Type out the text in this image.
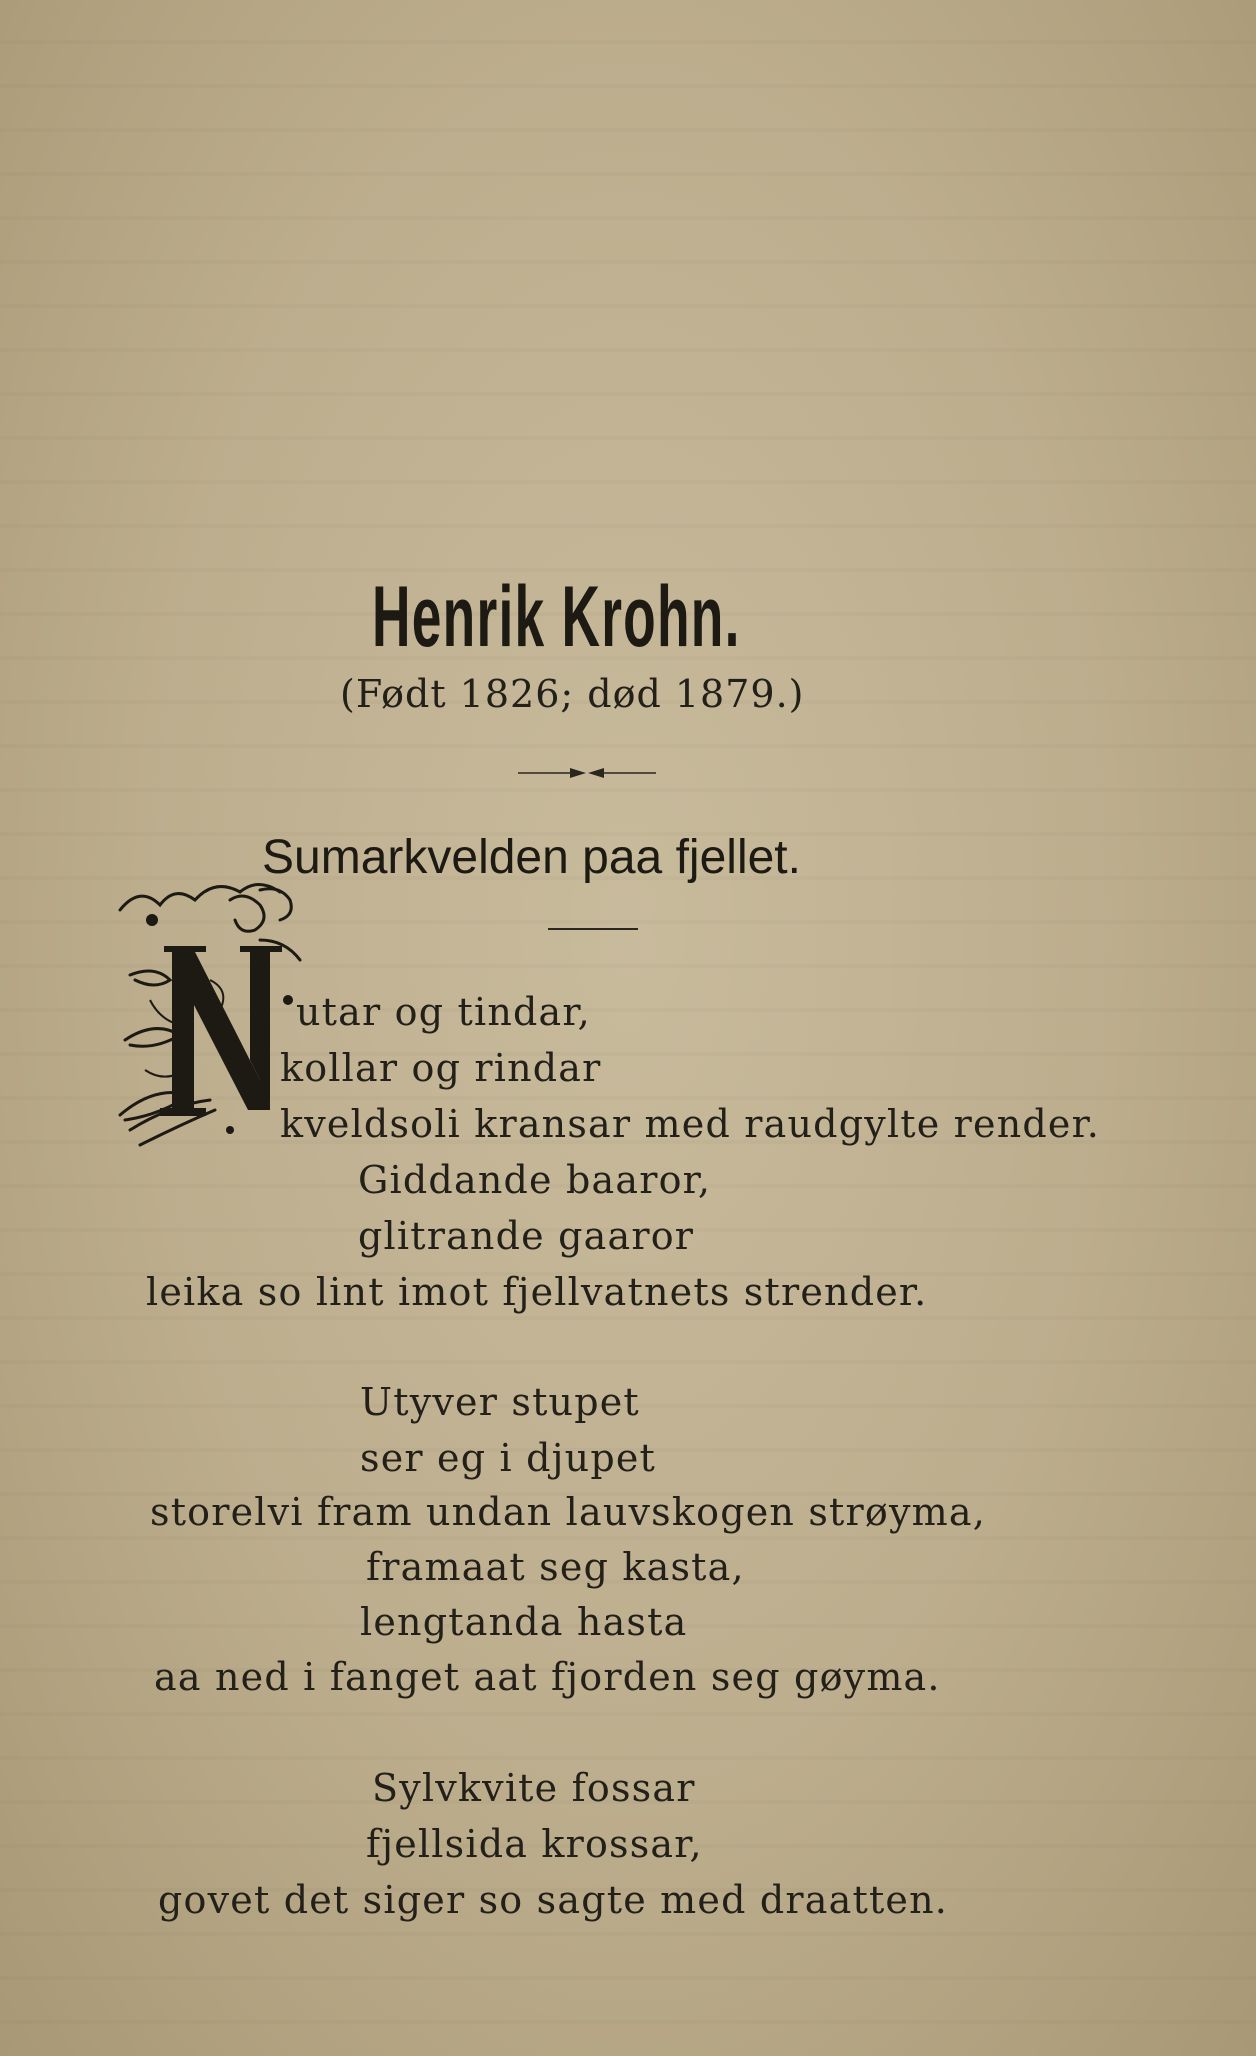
Henrik Krohn.
(Født 1826; død 1879.)
Sumarkvelden paa fjellet.
utar og tindar,
kollar og rindar
kveldsoli kransar med raudgylte render.
Giddande baaror,
glitrande gaaror
leika so lint imot fjellvatnets strender.
Utyver stupet
ser eg i djupet
storelvi fram undan lauvskogen strøyma,
framaat seg kasta,
lengtanda hasta
aa ned i fanget aat fjorden seg gøyma.
Sylvkvite fossar
fjellsida krossar,
govet det siger so sagte med draatten.
